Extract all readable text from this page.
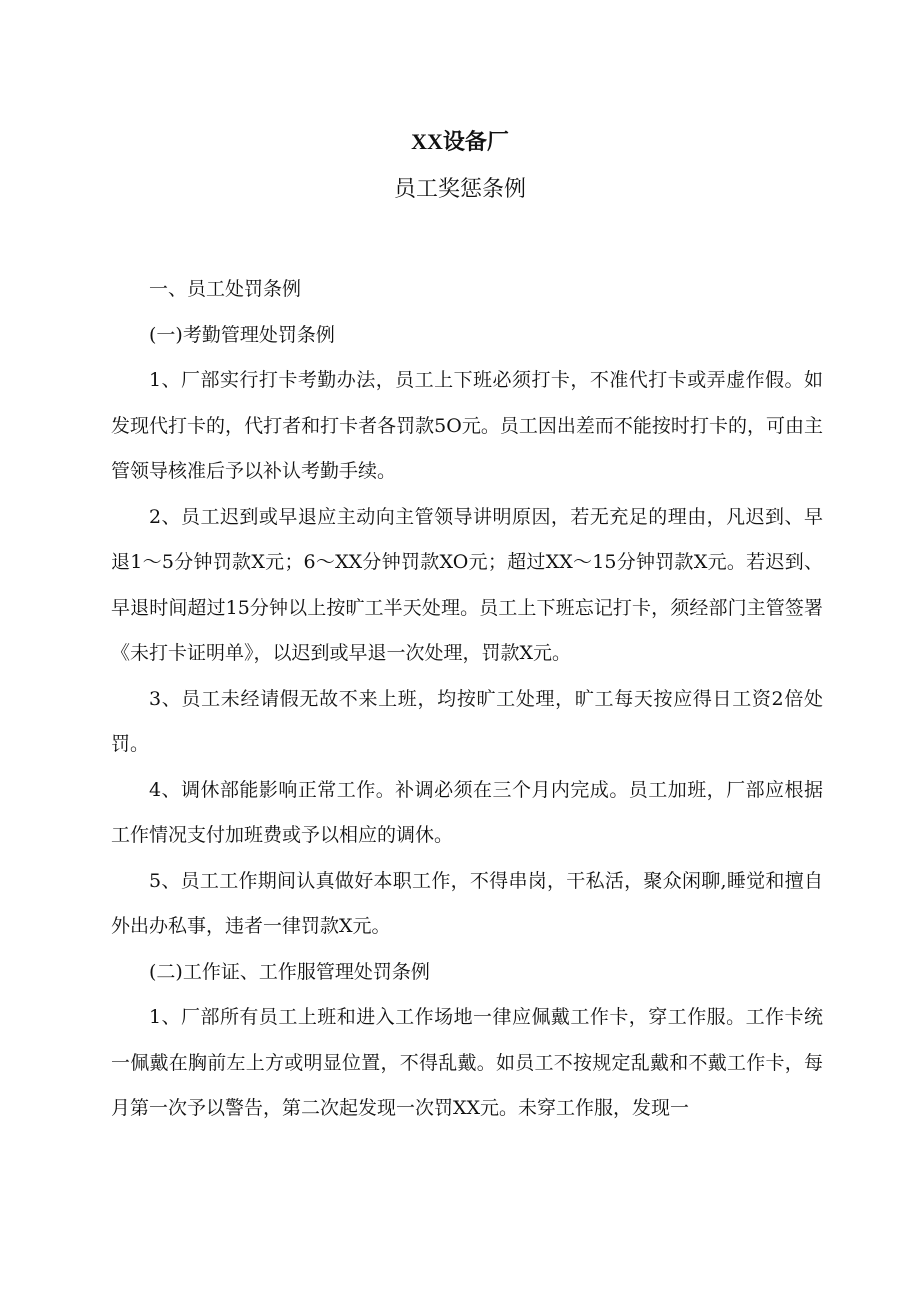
XX设备厂
员工奖惩条例

一、员工处罚条例

(一)考勤管理处罚条例

1、厂部实行打卡考勤办法，员工上下班必须打卡，不准代打卡或弄虚作假。如发现代打卡的，代打者和打卡者各罚款5O元。员工因出差而不能按时打卡的，可由主管领导核准后予以补认考勤手续。

2、员工迟到或早退应主动向主管领导讲明原因，若无充足的理由，凡迟到、早退1～5分钟罚款X元；6～XX分钟罚款XO元；超过XX～15分钟罚款X元。若迟到、早退时间超过15分钟以上按旷工半天处理。员工上下班忘记打卡，须经部门主管签署《未打卡证明单》，以迟到或早退一次处理，罚款X元。

3、员工未经请假无故不来上班，均按旷工处理，旷工每天按应得日工资2倍处罚。

4、调休部能影响正常工作。补调必须在三个月内完成。员工加班，厂部应根据工作情况支付加班费或予以相应的调休。

5、员工工作期间认真做好本职工作，不得串岗，干私活，聚众闲聊,睡觉和擅自外出办私事，违者一律罚款X元。

(二)工作证、工作服管理处罚条例

1、厂部所有员工上班和进入工作场地一律应佩戴工作卡，穿工作服。工作卡统一佩戴在胸前左上方或明显位置，不得乱戴。如员工不按规定乱戴和不戴工作卡，每月第一次予以警告，第二次起发现一次罚XX元。未穿工作服，发现一
